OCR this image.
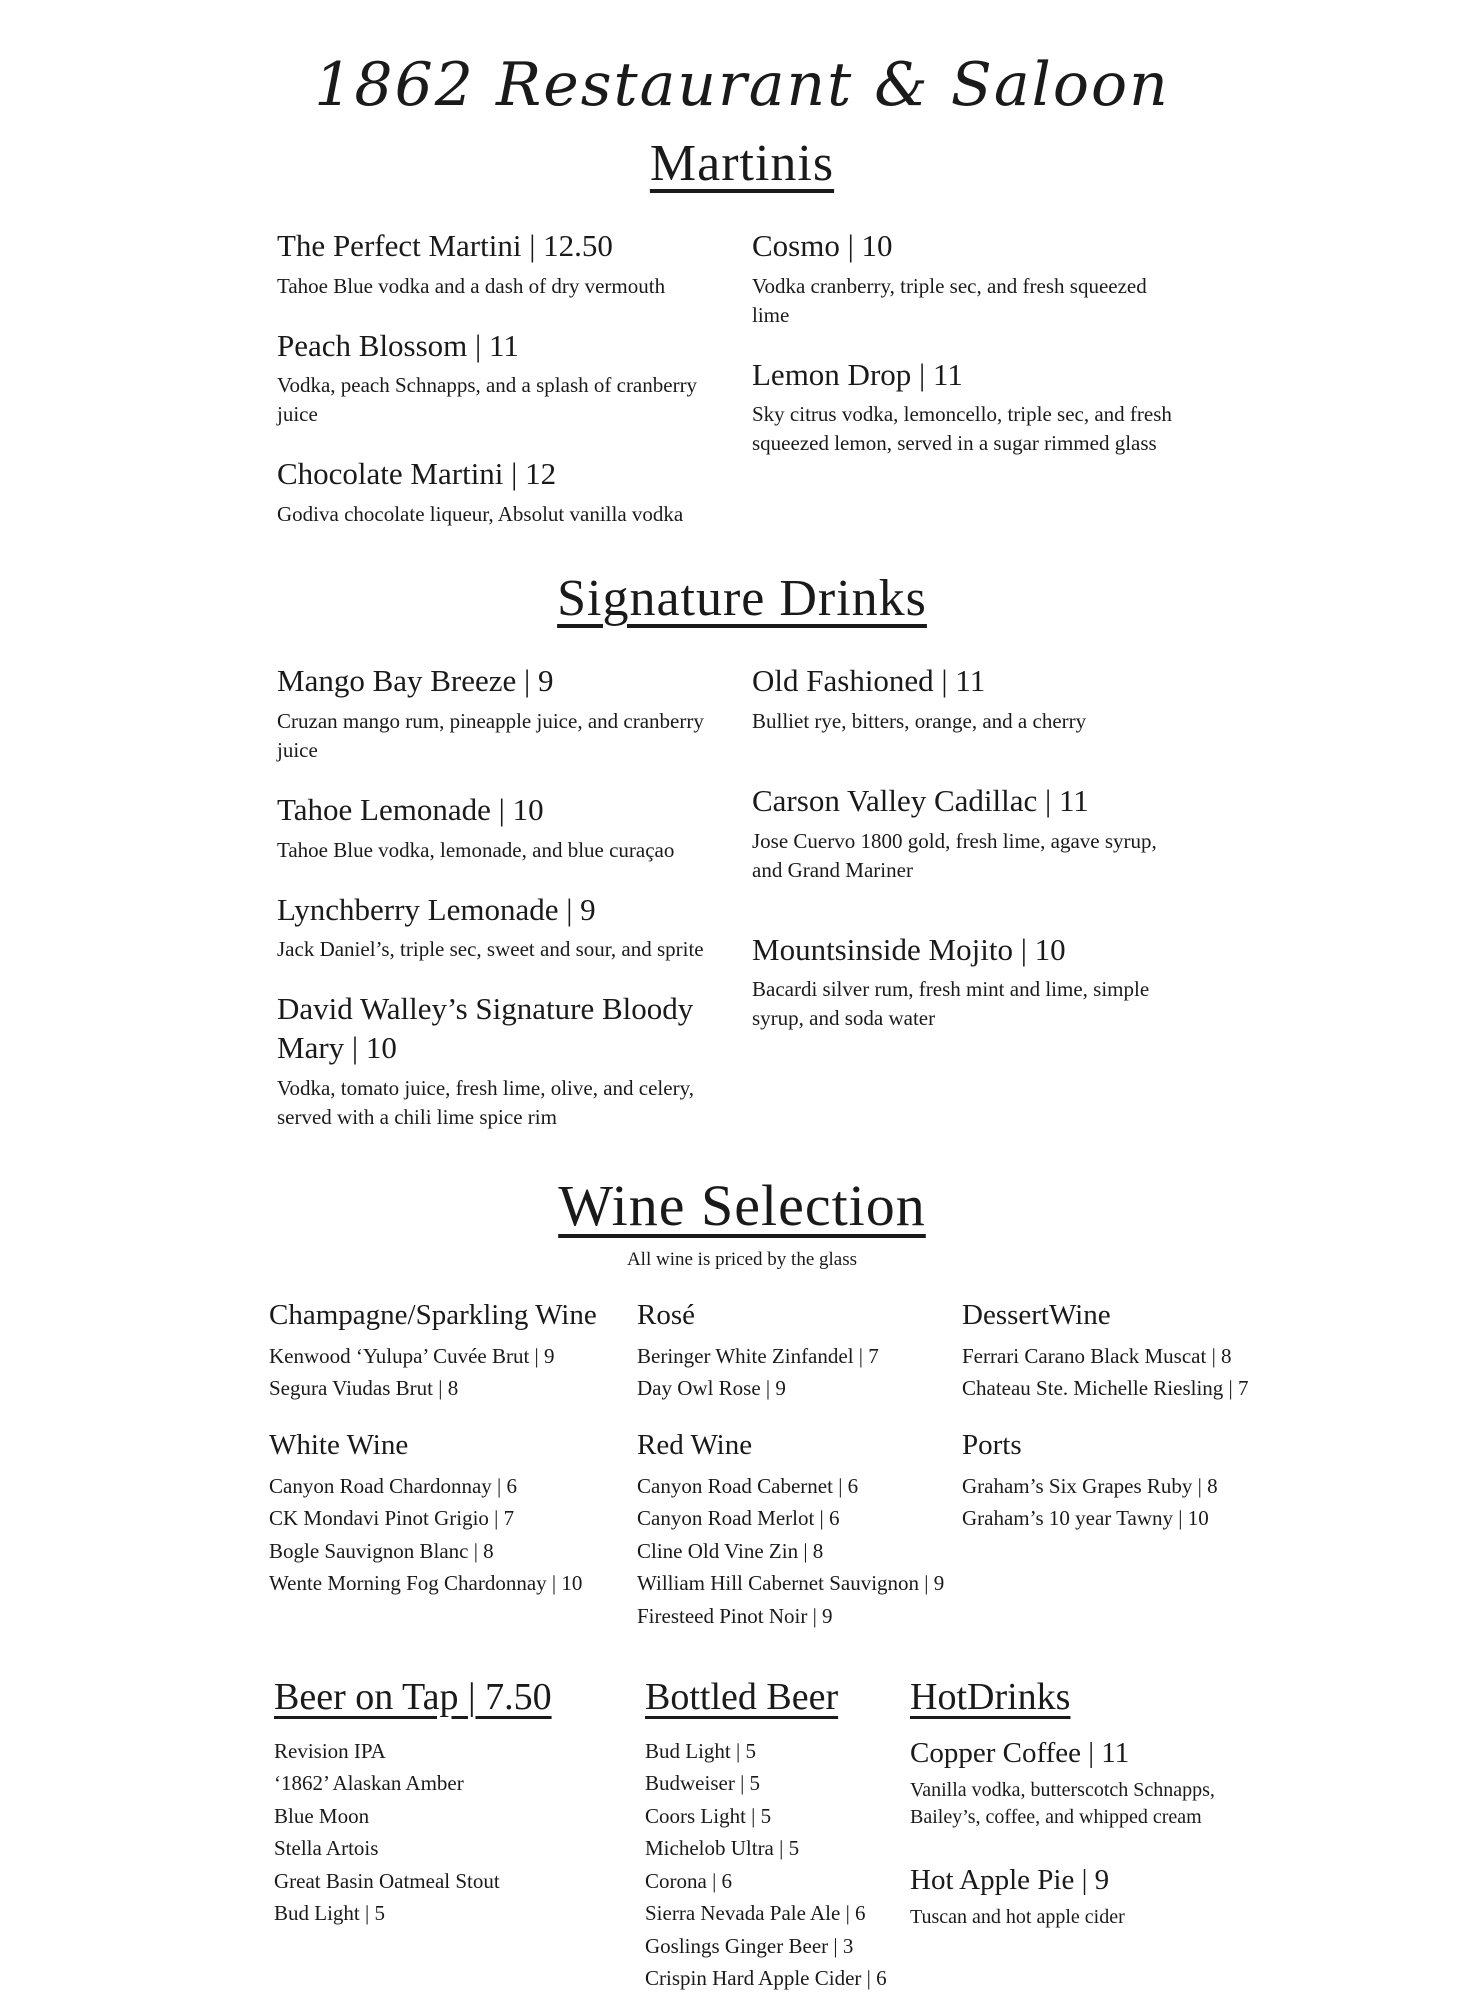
1862 Restaurant & Saloon
Martinis
The Perfect Martini | 12.50
Tahoe Blue vodka and a dash of dry vermouth
Peach Blossom | 11
Vodka, peach Schnapps, and a splash of cranberry juice
Chocolate Martini | 12
Godiva chocolate liqueur, Absolut vanilla vodka
Cosmo | 10
Vodka cranberry, triple sec, and fresh squeezed lime
Lemon Drop | 11
Sky citrus vodka, lemoncello, triple sec, and fresh squeezed lemon, served in a sugar rimmed glass
Signature Drinks
Mango Bay Breeze | 9
Cruzan mango rum, pineapple juice, and cranberry juice
Tahoe Lemonade | 10
Tahoe Blue vodka, lemonade, and blue curaçao
Lynchberry Lemonade | 9
Jack Daniel’s, triple sec, sweet and sour, and sprite
David Walley’s Signature Bloody Mary | 10
Vodka, tomato juice, fresh lime, olive, and celery, served with a chili lime spice rim
Old Fashioned | 11
Bulliet rye, bitters, orange, and a cherry
Carson Valley Cadillac | 11
Jose Cuervo 1800 gold, fresh lime, agave syrup, and Grand Mariner
Mountsinside Mojito | 10
Bacardi silver rum, fresh mint and lime, simple syrup, and soda water
Wine Selection
All wine is priced by the glass
Champagne/Sparkling Wine
Kenwood ‘Yulupa’ Cuvée Brut | 9
Segura Viudas Brut | 8
White Wine
Canyon Road Chardonnay | 6
CK Mondavi Pinot Grigio | 7
Bogle Sauvignon Blanc | 8
Wente Morning Fog Chardonnay | 10
Rosé
Beringer White Zinfandel | 7
Day Owl Rose | 9
Red Wine
Canyon Road Cabernet | 6
Canyon Road Merlot | 6
Cline Old Vine Zin | 8
William Hill Cabernet Sauvignon | 9
Firesteed Pinot Noir | 9
DessertWine
Ferrari Carano Black Muscat | 8
Chateau Ste. Michelle Riesling | 7
Ports
Graham’s Six Grapes Ruby | 8
Graham’s 10 year Tawny | 10
Beer on Tap | 7.50
Revision IPA
‘1862’ Alaskan Amber
Blue Moon
Stella Artois
Great Basin Oatmeal Stout
Bud Light | 5
Bottled Beer
Bud Light | 5
Budweiser | 5
Coors Light | 5
Michelob Ultra | 5
Corona | 6
Sierra Nevada Pale Ale | 6
Goslings Ginger Beer | 3
Crispin Hard Apple Cider | 6
HotDrinks
Copper Coffee | 11
Vanilla vodka, butterscotch Schnapps, Bailey’s, coffee, and whipped cream
Hot Apple Pie | 9
Tuscan and hot apple cider
